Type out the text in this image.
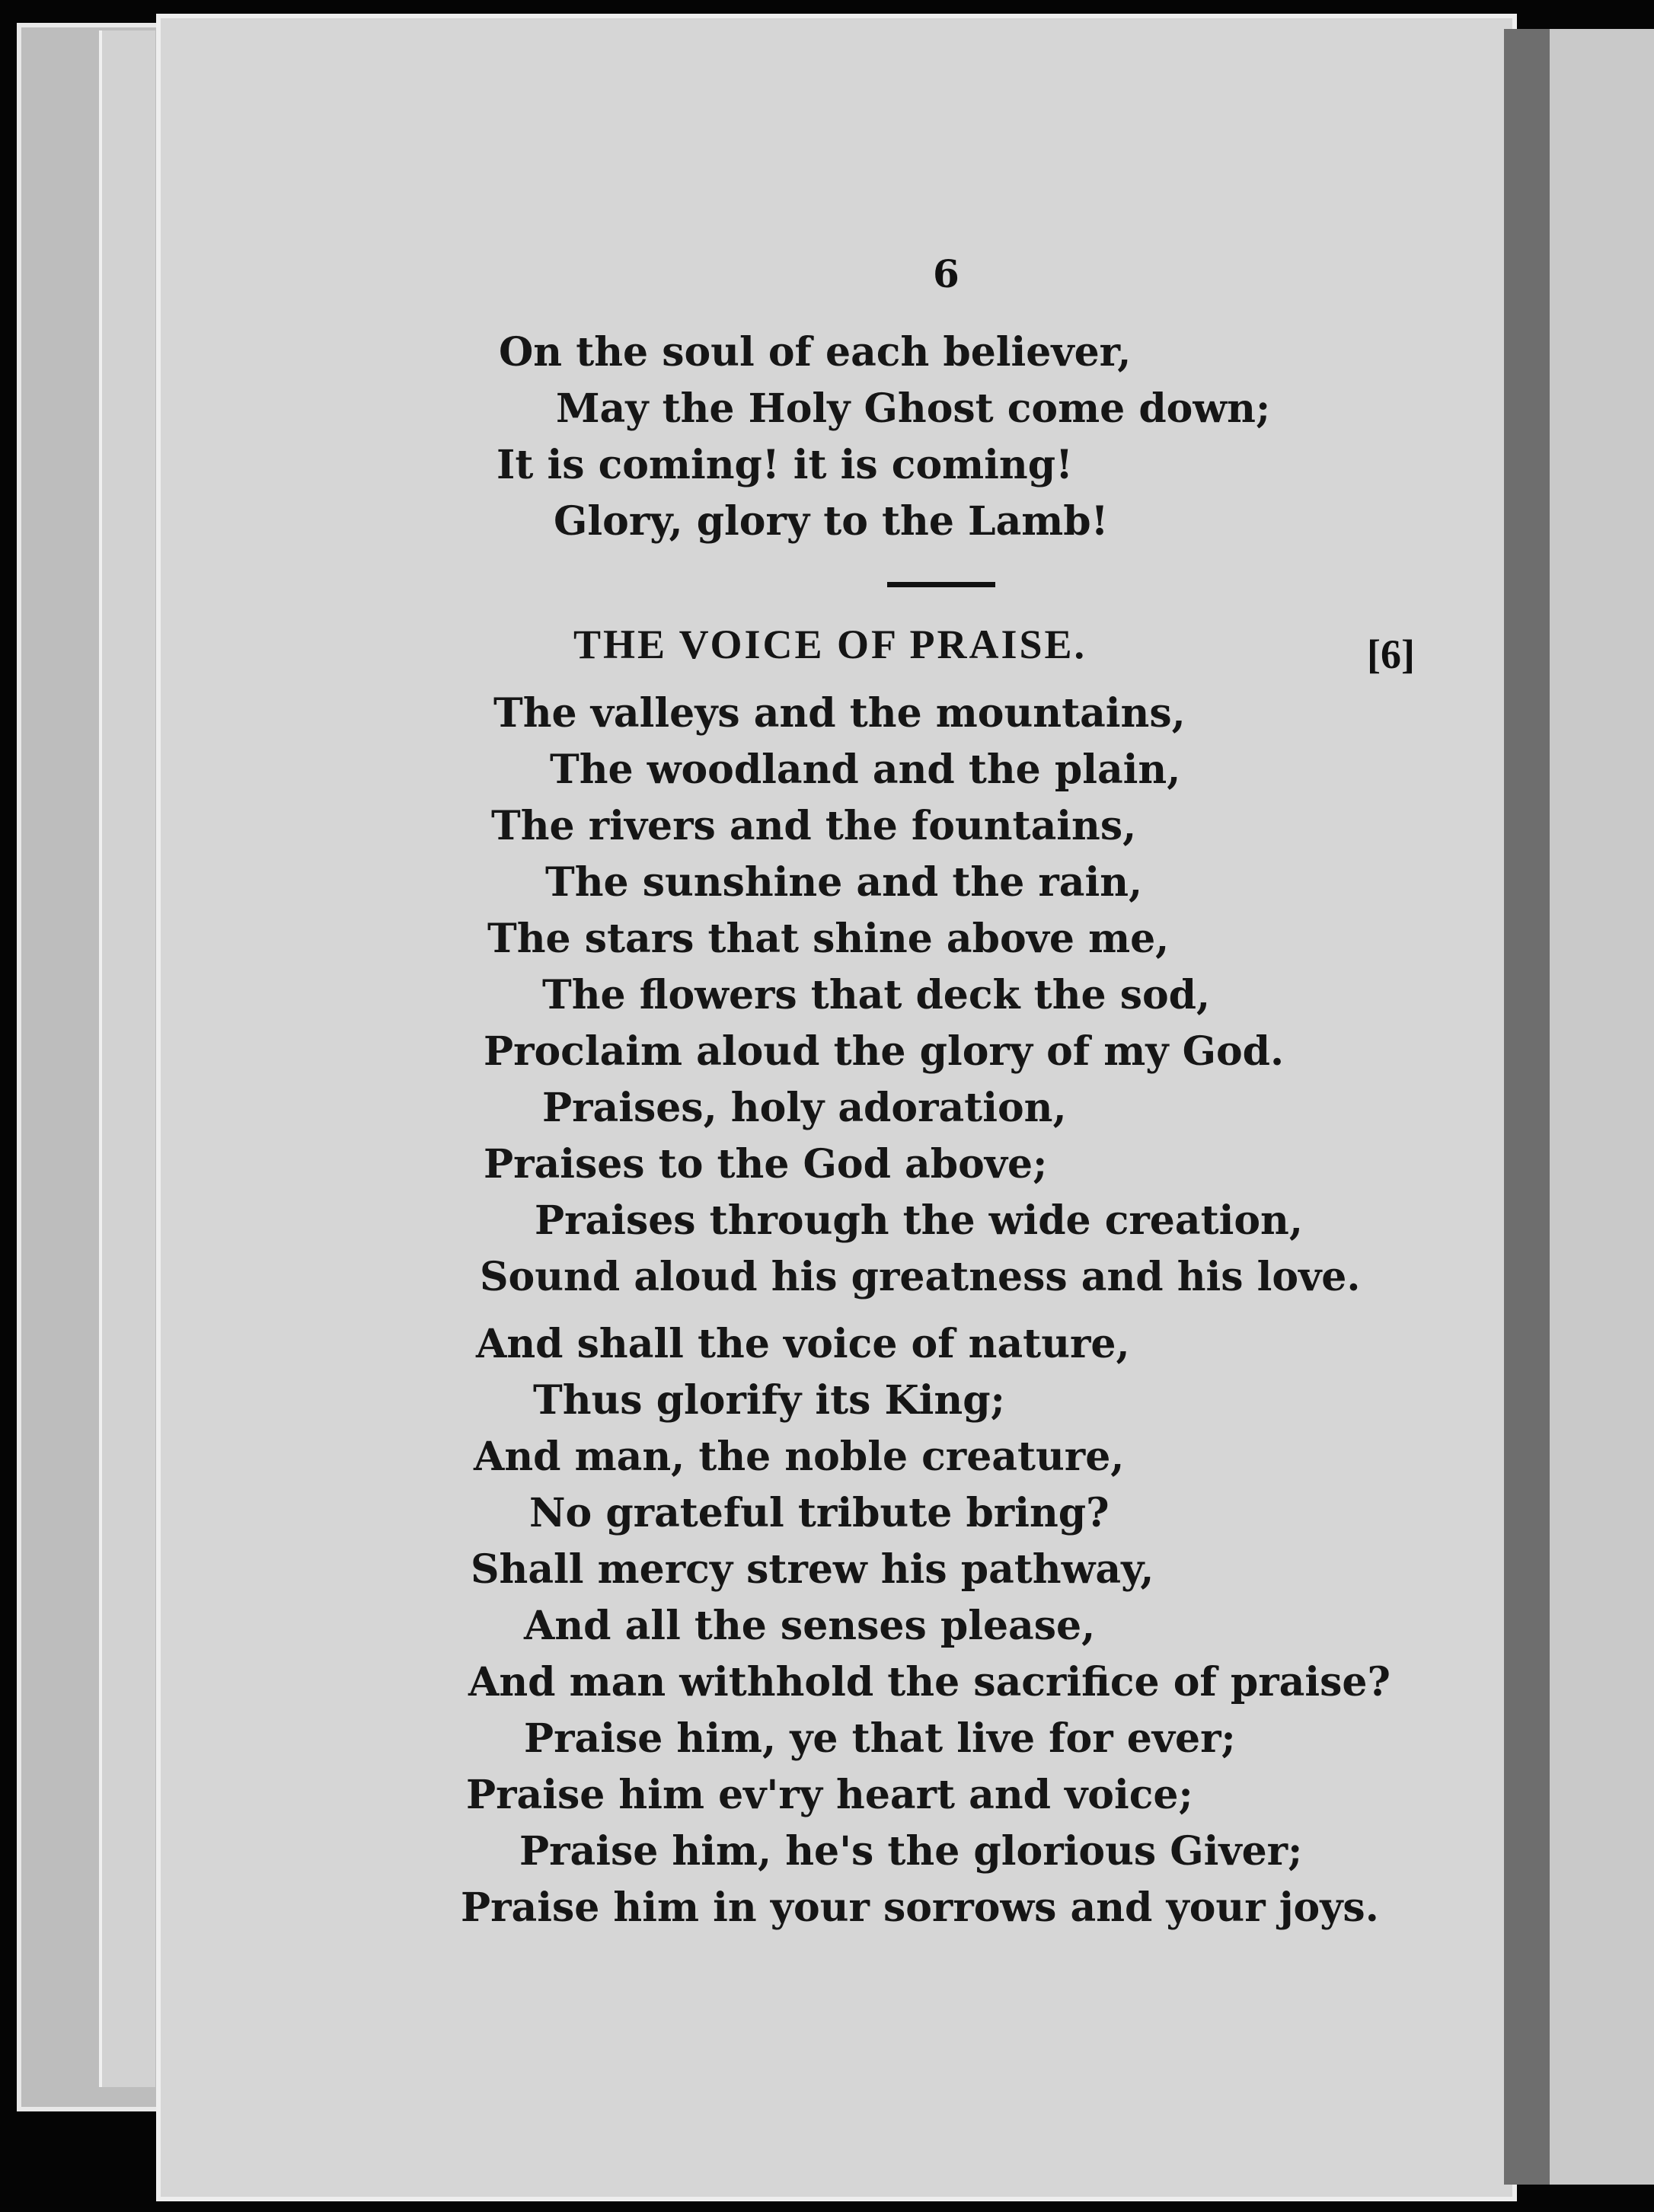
6
On the soul of each believer,
May the Holy Ghost come down;
It is coming! it is coming!
Glory, glory to the Lamb!
THE VOICE OF PRAISE.	[6]
The valleys and the mountains,
The woodland and the plain,
The rivers and the fountains,
The sunshine and the rain,
The stars that shine above me,
The flowers that deck the sod,
Proclaim aloud the glory of my God.
Praises, holy adoration,
Praises to the God above;
Praises through the wide creation,
Sound aloud his greatness and his love.
And shall the voice of nature,
Thus glorify its King;
And man, the noble creature,
No grateful tribute bring?
Shall mercy strew his pathway,
And all the senses please,
And man withhold the sacrifice of praise?
Praise him, ye that live for ever;
Praise him ev'ry heart and voice;
Praise him, he's the glorious Giver;
Praise him in your sorrows and your joys.
